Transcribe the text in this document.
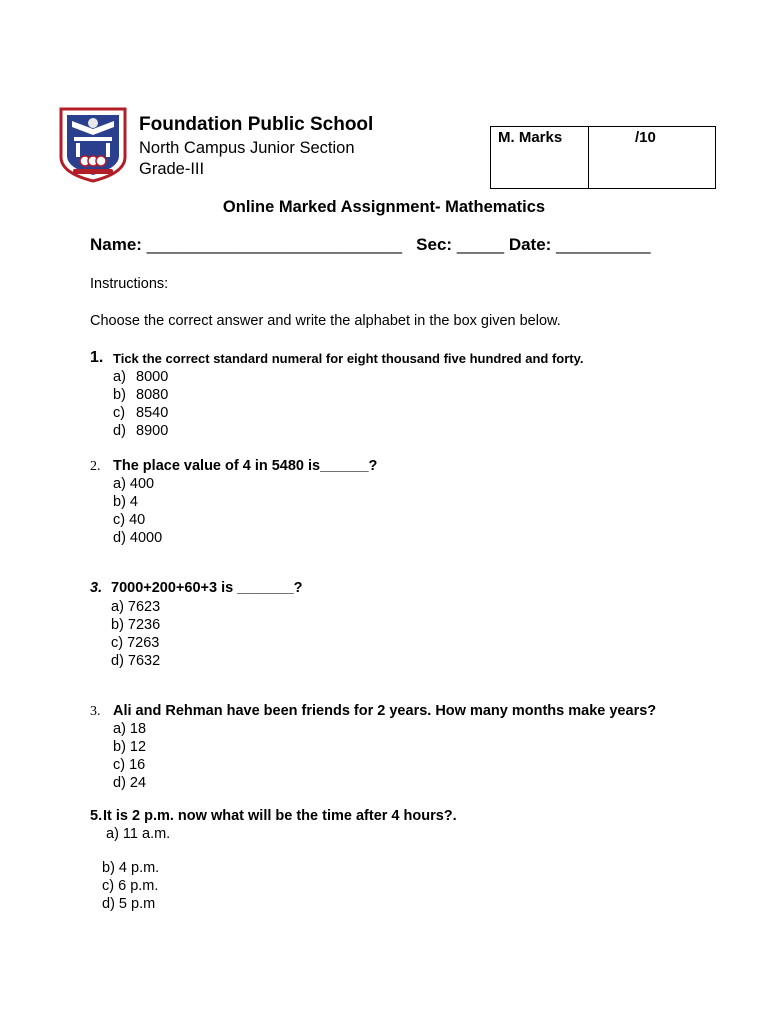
Foundation Public School
North Campus Junior Section
Grade-III
M. Marks	/10
Online Marked Assignment- Mathematics
Name: ___________________________ Sec: _____ Date: __________
Instructions:
Choose the correct answer and write the alphabet in the box given below.
1. Tick the correct standard numeral for eight thousand five hundred and forty.
a) 8000
b) 8080
c) 8540
d) 8900
2. The place value of 4 in 5480 is______?
a) 400
b) 4
c) 40
d) 4000
3. 7000+200+60+3 is _______?
a) 7623
b) 7236
c) 7263
d) 7632
3. Ali and Rehman have been friends for 2 years. How many months make years?
a) 18
b) 12
c) 16
d) 24
5. It is 2 p.m. now what will be the time after 4 hours?.
a) 11 a.m.
b) 4 p.m.
c) 6 p.m.
d) 5 p.m
